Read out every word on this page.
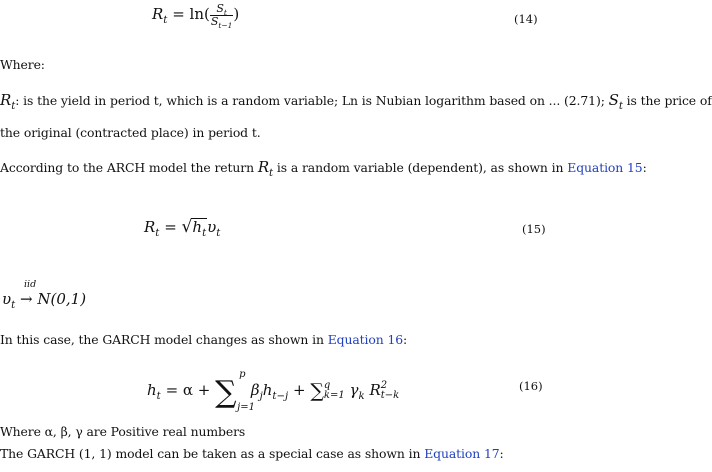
$R_t = \ln( \frac{S_t}{S_{t-1}}$ )	(14)
Where:
$R_t$: is the yield in period t, which is a random variable; Ln is Nubian logarithm based on ... (2.71); $S_t$ is the price of
the original (contracted place) in period t.
According to the ARCH model the return $R_t$ is a random variable (dependent), as shown in Equation 15:
$R_t = √h_t\upsilon_t$	(15)
iid
$\upsilon_t \to N(0,1)$
In this case, the GARCH model changes as shown in Equation 16:
$h_t = \alpha$ + ∑
p
j=1
$\beta_jh_{t-j}$ + ∑ q
k=1 $\gamma_k$ R 2
t−k
(16)
Where α, β, γ are Positive real numbers
The GARCH (1, 1) model can be taken as a special case as shown in Equation 17:
